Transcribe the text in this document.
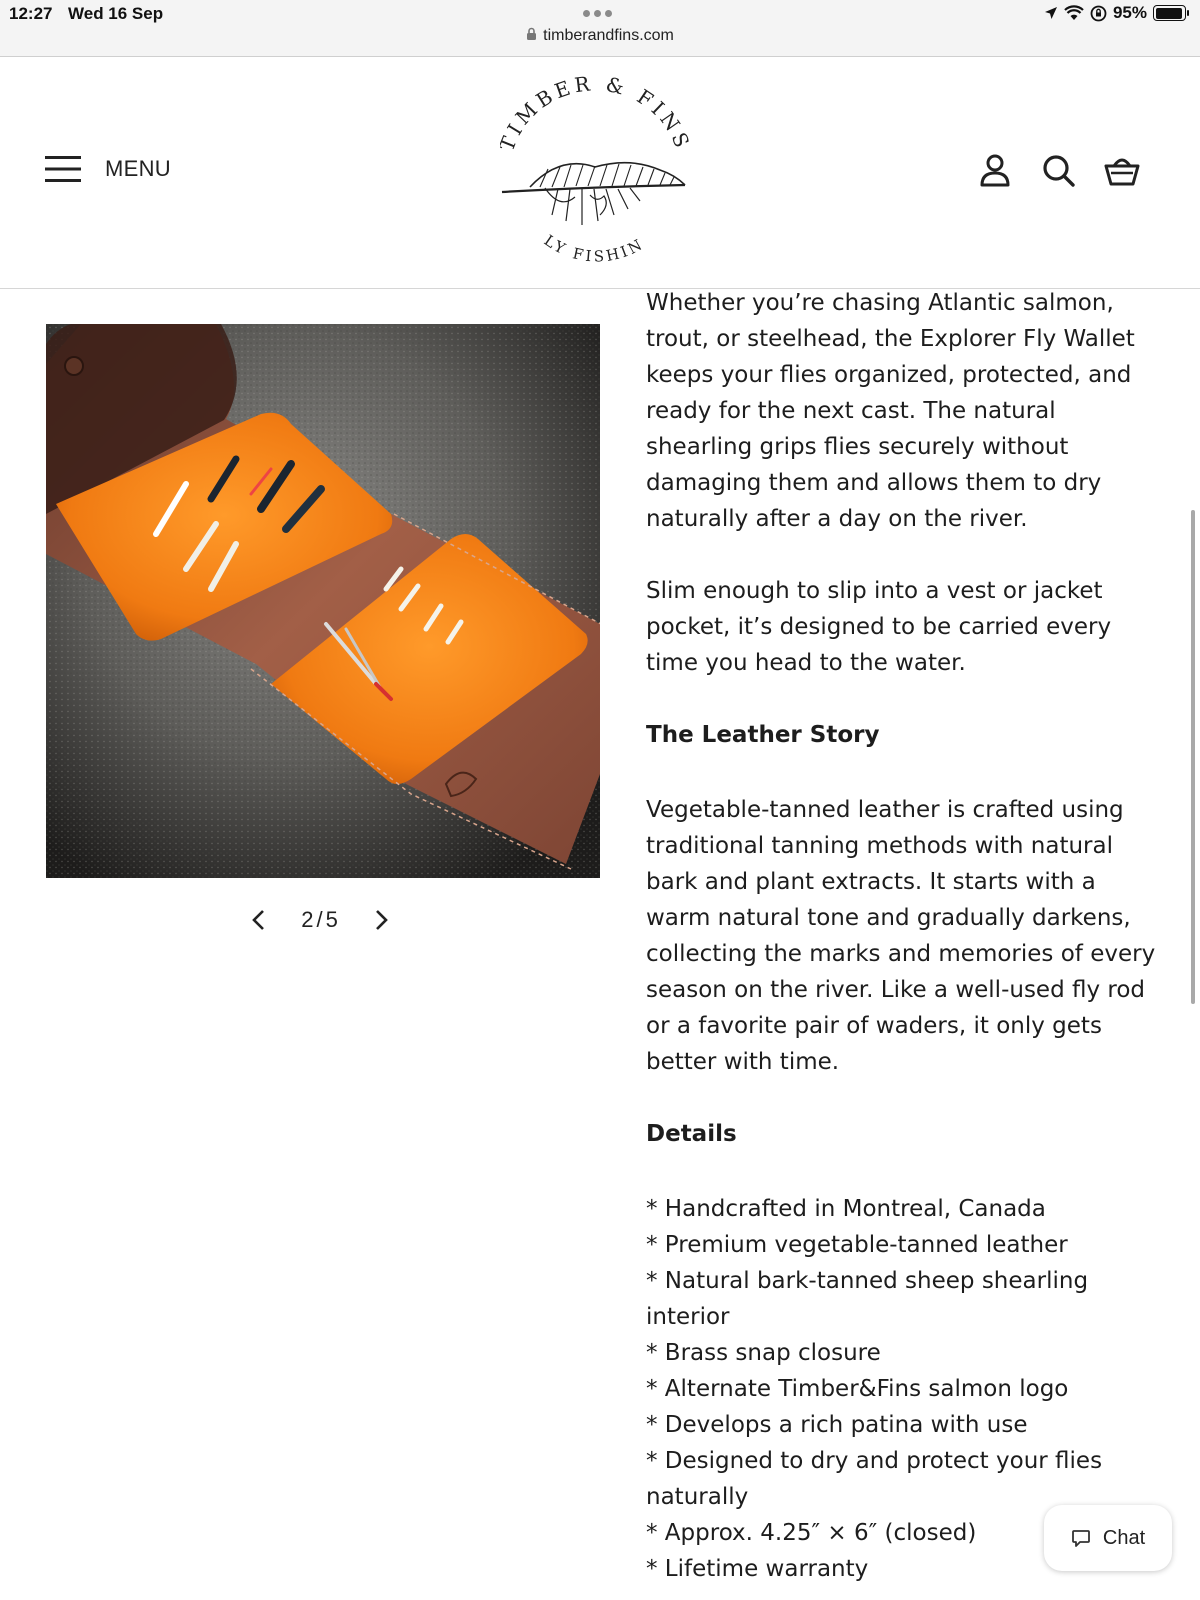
12:27 Wed 16 Sep	95%
timberandfins.com
MENU
IMBER & FINS
LY FISHIN
2/5

Whether you’re chasing Atlantic salmon, trout, or steelhead, the Explorer Fly Wallet keeps your flies organized, protected, and ready for the next cast. The natural shearling grips flies securely without damaging them and allows them to dry naturally after a day on the river.

Slim enough to slip into a vest or jacket pocket, it’s designed to be carried every time you head to the water.

The Leather Story

Vegetable-tanned leather is crafted using traditional tanning methods with natural bark and plant extracts. It starts with a warm natural tone and gradually darkens, collecting the marks and memories of every season on the river. Like a well-used fly rod or a favorite pair of waders, it only gets better with time.

Details
* Handcrafted in Montreal, Canada
* Premium vegetable-tanned leather
* Natural bark-tanned sheep shearling interior
* Brass snap closure
* Alternate Timber&Fins salmon logo
* Develops a rich patina with use
* Designed to dry and protect your flies naturally
* Approx. 4.25″ × 6″ (closed)
* Lifetime warranty
Chat
